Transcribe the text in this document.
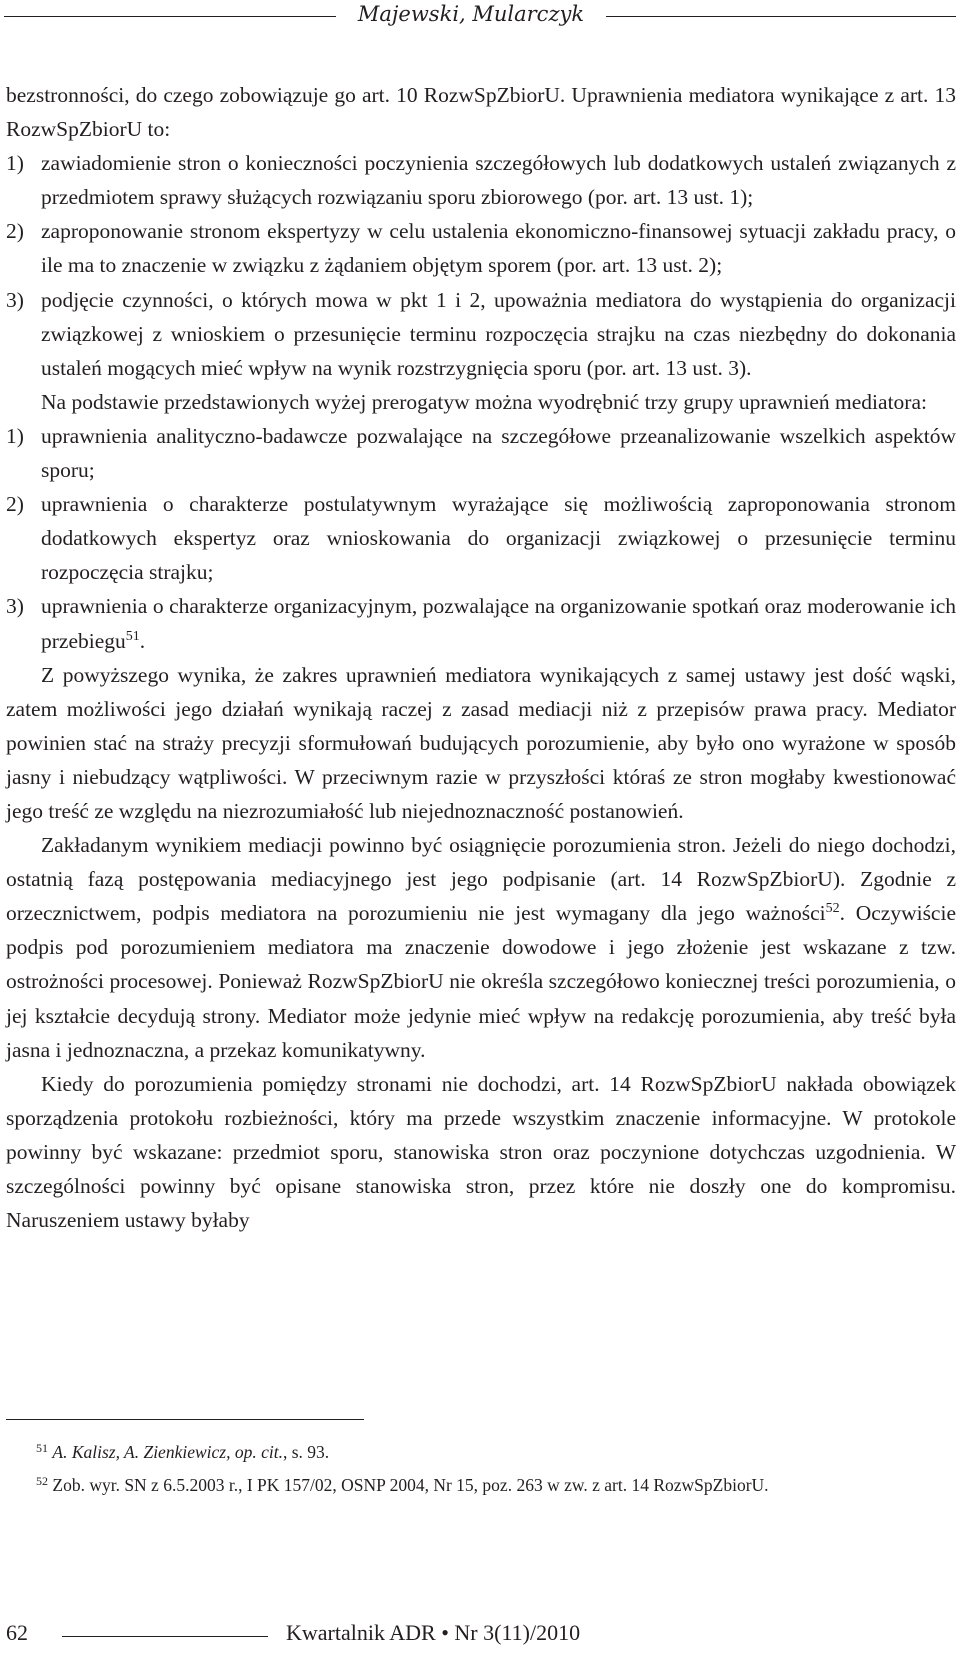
Majewski, Mularczyk

bezstronności, do czego zobowiązuje go art. 10 RozwSpZbiorU. Uprawnienia mediatora wynikające z art. 13 RozwSpZbiorU to:

1) zawiadomienie stron o konieczności poczynienia szczegółowych lub dodatkowych ustaleń związanych z przedmiotem sprawy służących rozwiązaniu sporu zbiorowego (por. art. 13 ust. 1);
2) zaproponowanie stronom ekspertyzy w celu ustalenia ekonomiczno-finansowej sytuacji zakładu pracy, o ile ma to znaczenie w związku z żądaniem objętym sporem (por. art. 13 ust. 2);
3) podjęcie czynności, o których mowa w pkt 1 i 2, upoważnia mediatora do wystąpienia do organizacji związkowej z wnioskiem o przesunięcie terminu rozpoczęcia strajku na czas niezbędny do dokonania ustaleń mogących mieć wpływ na wynik rozstrzygnięcia sporu (por. art. 13 ust. 3).

Na podstawie przedstawionych wyżej prerogatyw można wyodrębnić trzy grupy uprawnień mediatora:

1) uprawnienia analityczno-badawcze pozwalające na szczegółowe przeanalizowanie wszelkich aspektów sporu;
2) uprawnienia o charakterze postulatywnym wyrażające się możliwością zaproponowania stronom dodatkowych ekspertyz oraz wnioskowania do organizacji związkowej o przesunięcie terminu rozpoczęcia strajku;
3) uprawnienia o charakterze organizacyjnym, pozwalające na organizowanie spotkań oraz moderowanie ich przebiegu$^{51}$.

Z powyższego wynika, że zakres uprawnień mediatora wynikających z samej ustawy jest dość wąski, zatem możliwości jego działań wynikają raczej z zasad mediacji niż z przepisów prawa pracy. Mediator powinien stać na straży precyzji sformułowań budujących porozumienie, aby było ono wyrażone w sposób jasny i niebudzący wątpliwości. W przeciwnym razie w przyszłości któraś ze stron mogłaby kwestionować jego treść ze względu na niezrozumiałość lub niejednoznaczność postanowień.

Zakładanym wynikiem mediacji powinno być osiągnięcie porozumienia stron. Jeżeli do niego dochodzi, ostatnią fazą postępowania mediacyjnego jest jego podpisanie (art. 14 RozwSpZbiorU). Zgodnie z orzecznictwem, podpis mediatora na porozumieniu nie jest wymagany dla jego ważności$^{52}$. Oczywiście podpis pod porozumieniem mediatora ma znaczenie dowodowe i jego złożenie jest wskazane z tzw. ostrożności procesowej. Ponieważ RozwSpZbiorU nie określa szczegółowo koniecznej treści porozumienia, o jej kształcie decydują strony. Mediator może jedynie mieć wpływ na redakcję porozumienia, aby treść była jasna i jednoznaczna, a przekaz komunikatywny.

Kiedy do porozumienia pomiędzy stronami nie dochodzi, art. 14 RozwSpZbiorU nakłada obowiązek sporządzenia protokołu rozbieżności, który ma przede wszystkim znaczenie informacyjne. W protokole powinny być wskazane: przedmiot sporu, stanowiska stron oraz poczynione dotychczas uzgodnienia. W szczególności powinny być opisane stanowiska stron, przez które nie doszły one do kompromisu. Naruszeniem ustawy byłaby

$^{51}$ A. Kalisz, A. Zienkiewicz, op. cit., s. 93.
$^{52}$ Zob. wyr. SN z 6.5.2003 r., I PK 157/02, OSNP 2004, Nr 15, poz. 263 w zw. z art. 14 RozwSpZbiorU.
62	Kwartalnik ADR • Nr 3(11)/2010
